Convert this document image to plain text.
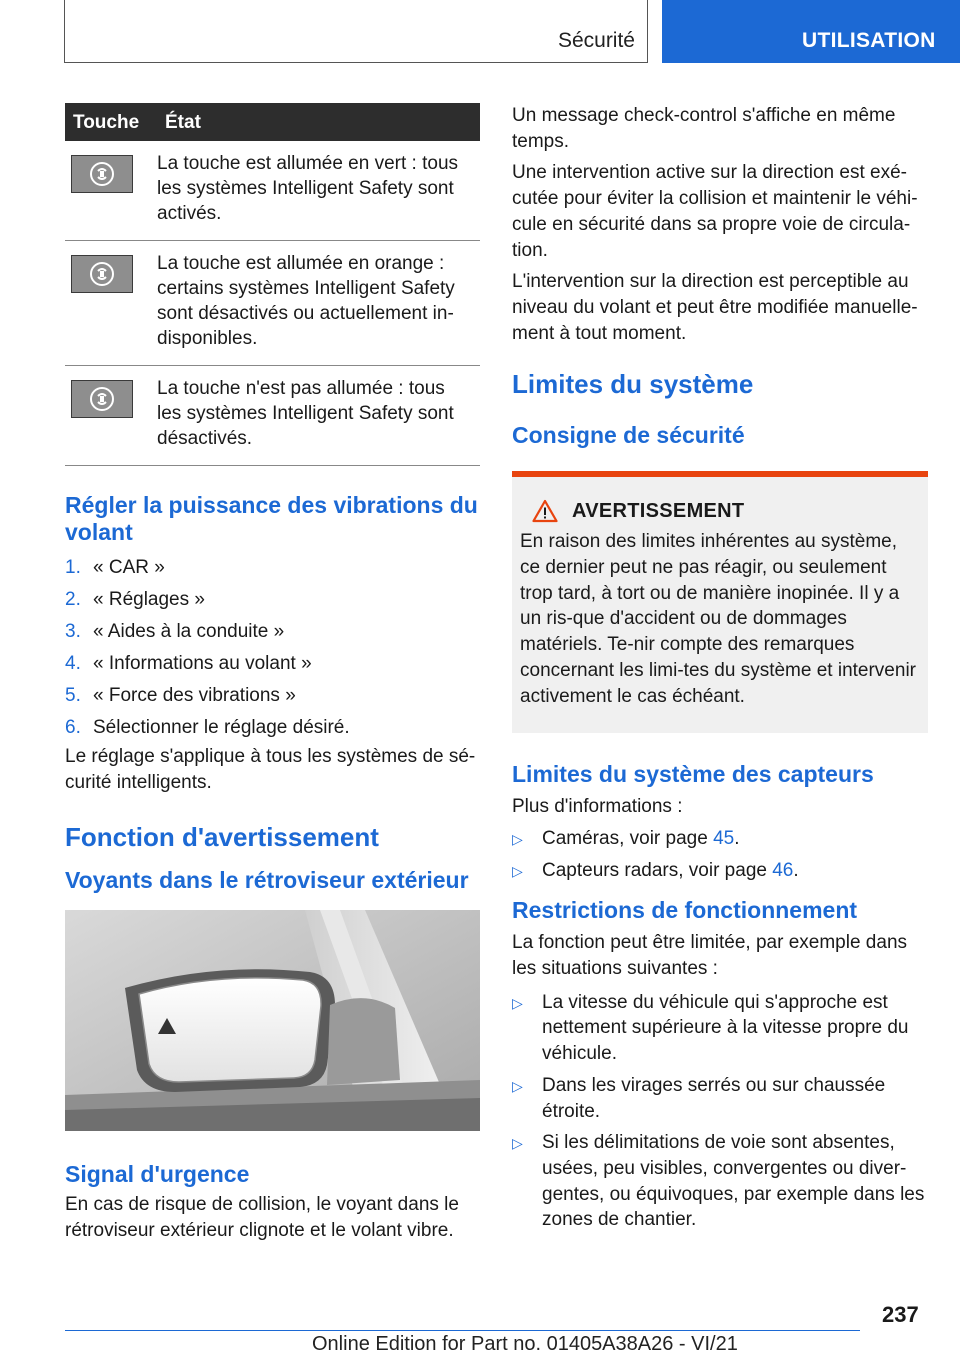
Sécurité	UTILISATION
Touche	État

	La touche est allumée en vert : tous les systèmes Intelligent Safety sont activés.

	La touche est allumée en orange : certains systèmes Intelligent Safety sont désactivés ou actuellement in-disponibles.

	La touche n'est pas allumée : tous les systèmes Intelligent Safety sont désactivés.
Régler la puissance des vibrations du volant
1. « CAR »
2. « Réglages »
3. « Aides à la conduite »
4. « Informations au volant »
5. « Force des vibrations »
6. Sélectionner le réglage désiré.

Le réglage s'applique à tous les systèmes de sé-curité intelligents.

Fonction d'avertissement
Voyants dans le rétroviseur extérieur
Signal d'urgence

En cas de risque de collision, le voyant dans le rétroviseur extérieur clignote et le volant vibre.

Un message check-control s'affiche en même temps.

Une intervention active sur la direction est exé-cutée pour éviter la collision et maintenir le véhi-cule en sécurité dans sa propre voie de circula-tion.

L'intervention sur la direction est perceptible au niveau du volant et peut être modifiée manuelle-ment à tout moment.

Limites du système
Consigne de sécurité
AVERTISSEMENT

En raison des limites inhérentes au système, ce dernier peut ne pas réagir, ou seulement trop tard, à tort ou de manière inopinée. Il y a un ris-que d'accident ou de dommages matériels. Te-nir compte des remarques concernant les limi-tes du système et intervenir activement le cas échéant.

Limites du système des capteurs

Plus d'informations :

▷ Caméras, voir page 45.
▷ Capteurs radars, voir page 46.
Restrictions de fonctionnement

La fonction peut être limitée, par exemple dans les situations suivantes :

▷ La vitesse du véhicule qui s'approche est nettement supérieure à la vitesse propre du véhicule.
▷ Dans les virages serrés ou sur chaussée étroite.
▷ Si les délimitations de voie sont absentes, usées, peu visibles, convergentes ou diver-gentes, ou équivoques, par exemple dans les zones de chantier.
237
Online Edition for Part no. 01405A38A26 - VI/21
